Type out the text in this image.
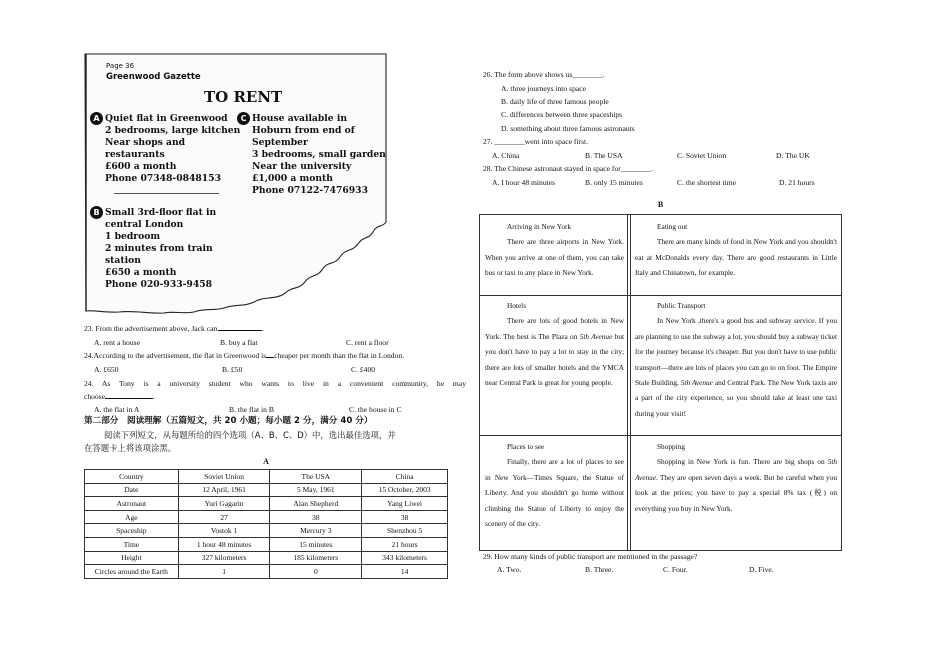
Page 36
Greenwood Gazette
TO RENT
A Quiet flat in Greenwood
2 bedrooms, large kitchen
Near shops and
restaurants
£600 a month
Phone 07348-0848153
B Small 3rd-floor flat in
central London
1 bedroom
2 minutes from train
station
£650 a month
Phone 020-933-9458
C House available in
Hoburn from end of
September
3 bedrooms, small garden
Near the university
£1,000 a month
Phone 07122-7476933
23. From the advertisement above, Jack can	.
A. rent a house	B. buy a flat	C. rent a floor
24.According to the advertisement, the flat in Greenwood is cheaper per month than the flat in London.
A. £650	B. £50	C. £400
24. As Tony is a university student who wants to live in a convenient community, he may
choose	.
A. the flat in A	B. the flat in B	C. the house in C
第二部分　阅读理解（五篇短文，共 20 小题；每小题 2 分，满分 40 分）
阅读下列短文，从每题所给的四个选项（A、B、C、D）中，选出最佳选项，并
在答题卡上将该项涂黑。
A
Country	Soviet Union	The USA	China
Date	12 April, 1961	5 May, 1961	15 October, 2003
Astronaut	Yuri Gagarin	Alan Shepherd	Yang Liwei
Age	27	38	38
Spaceship	Vostok 1	Mercury 3	Shenzhou 5
Time	1 hour 48 minutes	15 minutes	21 hours
Height	327 kilometers	185 kilometers	343 kilometers
Circles around the Earth	1	0	14
26. The form above shows us________.
A. three journeys into space
B. daily life of three famous people
C. differences between three spaceships
D. something about three famous astronauts
27. ________went into space first.
A. China	B. The USA	C. Soviet Union	D. The UK
28. The Chinese astronaut stayed in space for________.
A. I hour 48 minutes	B. only 15 minutes	C. the shortest time	D. 21 hours
B

Arriving in New York

There are three airports in New York. When you arrive at one of them, you can take bus or taxi to any place in New York.

Eating out

There are many kinds of food in New York and you shouldn't eat at McDonalds every day. There are good restaurants in Little Italy and Chinatown, for example.

Hotels

There are lots of good hotels in New York. The best is The Plaza on 5th Avenue but you don't have to pay a lot to stay in the city; there are lots of smaller hotels and the YMCA near Central Park is great for young people.

Public Transport

In New York ,there's a good bus and subway service. If you are planning to use the subway a lot, you should buy a subway ticket for the journey because it's cheaper. But you don't have to use public transport—there are lots of places you can go to on foot. The Empire Stale Building, 5th Avenue and Central Park. The New York taxis are a part of the city experience, so you should take at least one taxi during your visit!

Places to see

Finally, there are a lot of places to see in New York—Times Square, the Statue of Liberty. And you shouldn't go home without climbing the Statue of Liberty to enjoy the scenery of the city.

Shopping

Shopping in New York is fun. There are big shops on 5th Avenue. They are open seven days a week. But be careful when you look at the prices; you have to pay a special 8% tax (税) on everything you buy in New York.

29. How many kinds of public transport are mentioned in the passage?
A. Two.	B. Three.	C. Four.	D. Five.
